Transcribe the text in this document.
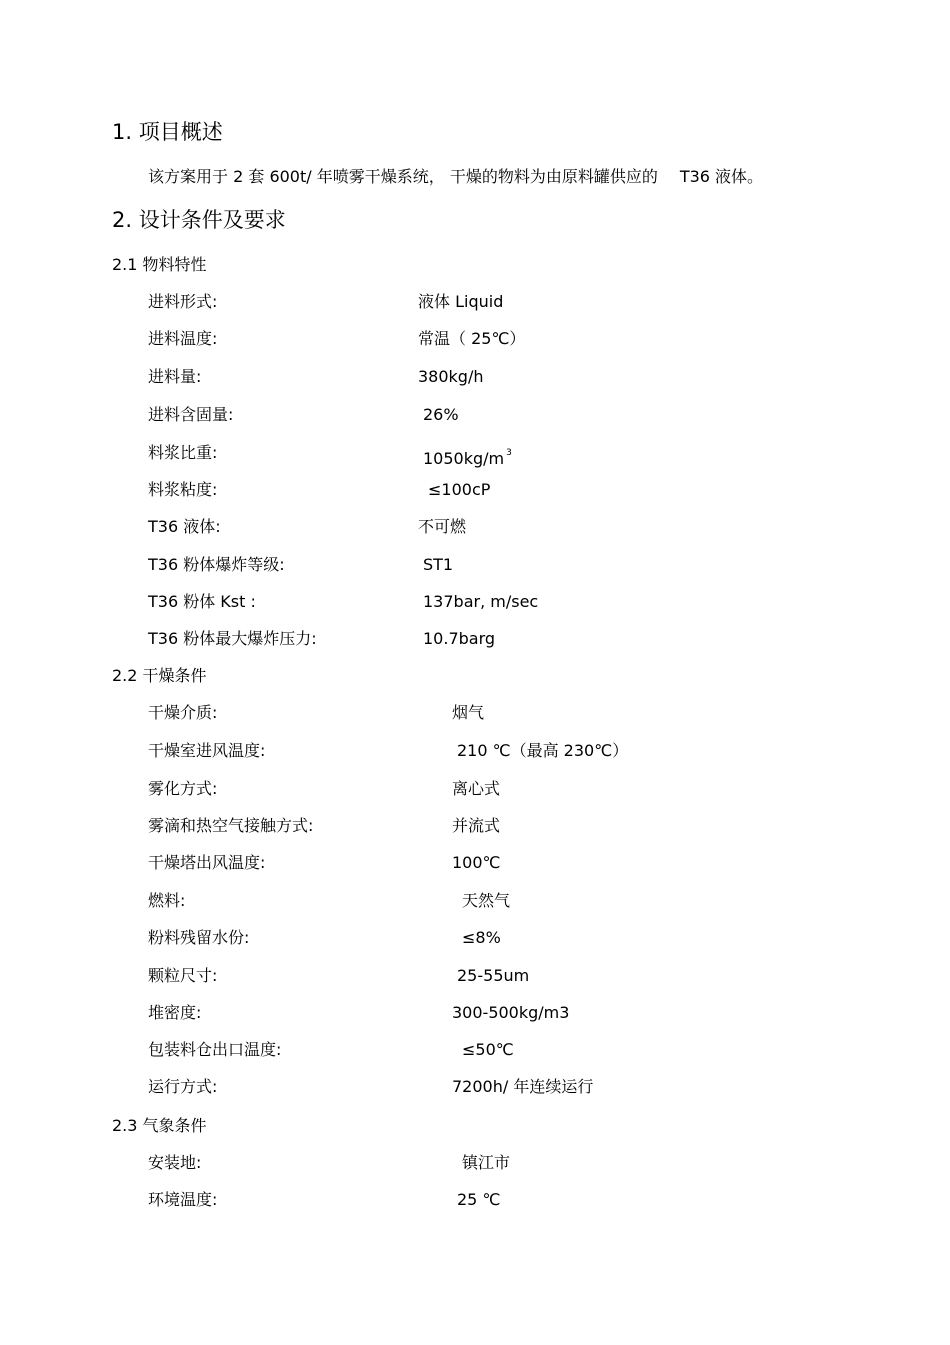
1. 项目概述
该方案用于 2 套 600t/ 年喷雾干燥系统， 干燥的物料为由原料罐供应的 T36 液体。
2. 设计条件及要求
2.1 物料特性
进料形式:	液体 Liquid
进料温度:	常温（ 25℃）
进料量:	380kg/h
进料含固量:	26%
料浆比重:	1050kg/m $^3$
料浆粘度:	≤100cP
T36 液体:	不可燃
T36 粉体爆炸等级:	ST1
T36 粉体 Kst :	137bar, m/sec
T36 粉体最大爆炸压力:	10.7barg
2.2 干燥条件
干燥介质:	烟气
干燥室进风温度:	210 ℃（最高 230℃）
雾化方式:	离心式
雾滴和热空气接触方式:	并流式
干燥塔出风温度:	100℃
燃料:	天然气
粉料残留水份:	≤8%
颗粒尺寸:	25-55um
堆密度:	300-500kg/m3
包装料仓出口温度:	≤50℃
运行方式:	7200h/ 年连续运行
2.3 气象条件
安装地:	镇江市
环境温度:	25 ℃
